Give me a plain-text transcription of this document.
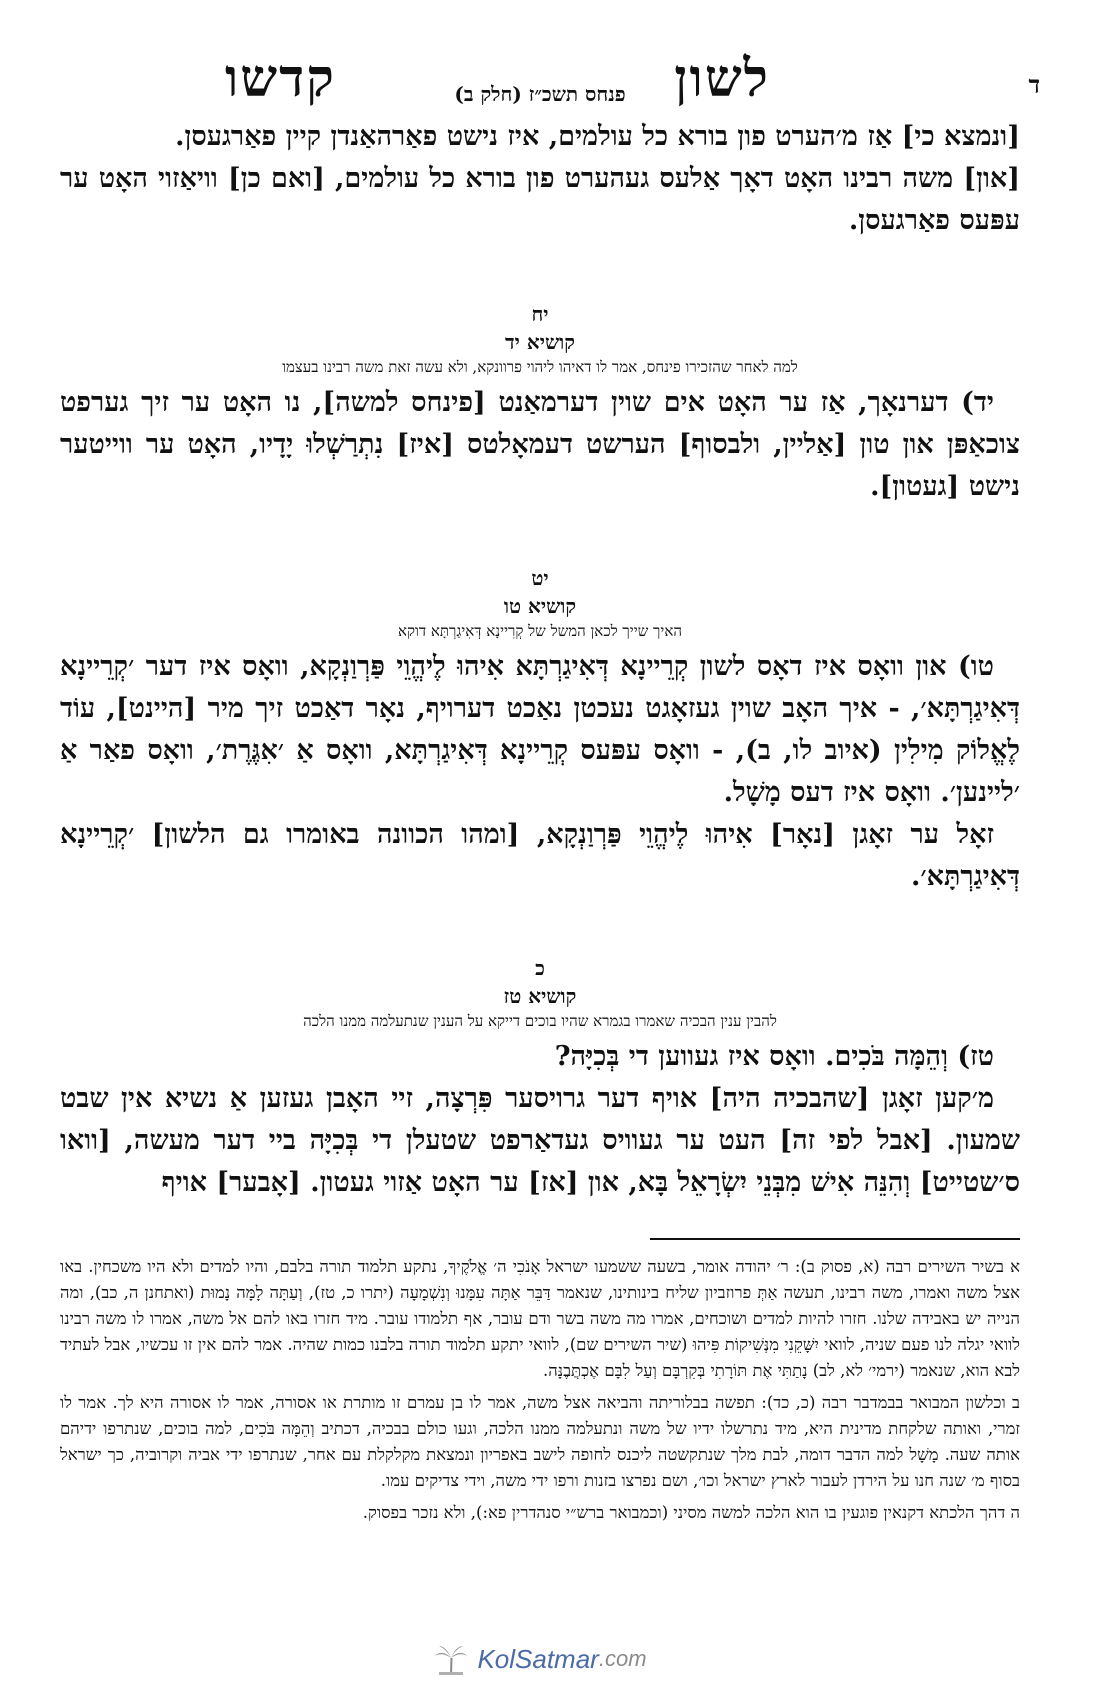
ד
לשון
פנחס תשכ״ז (חלק ב)
קדשו

[ונמצא כי] אַז מ׳הערט פון בורא כל עולמים, איז נישט פאַרהאַנדן קיין פאַרגעסן.

[און] משה רבינו האָט דאָך אַלעס געהערט פון בורא כל עולמים, [ואם כן] וויאַזוי האָט ער עפּעס פאַרגעסן.

יח
קושיא יד
למה לאחר שהזכירו פינחס, אמר לו דאיהו ליהוי פרוונקא, ולא עשה זאת משה רבינו בעצמו

יד) דערנאָך, אַז ער האָט אים שוין דערמאַנט [פינחס למשה], נו האָט ער זיך גערפט צוכאַפּן און טון [אַליין, ולבסוף] הערשט דעמאָלטס [איז] נִתְרַשְׁלוּ יָדָיו, האָט ער ווייטער נישט [געטון].

יט
קושיא טו
האיך שייך לכאן המשל של קְרִיינָא דְּאִיגַרְתָּא דוקא

טו) און וואָס איז דאָס לשון קְרֵיינָא דְּאִיגַרְתָּא אִיהוּ לֶיהֱוֵי פַּרְוַנְקָא, וואָס איז דער ׳קְרֵיינָא דְּאִיגַרְתָּא׳, - איך האָב שוין געזאָגט נעכטן נאַכט דערויף, נאָר דאַכט זיך מיר [היינט], עוֹד לֶאֱלוֹק מִילִין (איוב לו, ב), - וואָס עפּעס קְרֵיינָא דְּאִיגַרְתָּא, וואָס אַ ׳אִגֶּרֶת׳, וואָס פאַר אַ ׳ליינען׳. וואָס איז דעס מָשָׁל.

זאָל ער זאָגן [נאָר] אִיהוּ לֶיהֱוֵי פַּרְוַנְקָא, [ומהו הכוונה באומרו גם הלשון] ׳קְרֵיינָא דְּאִיגַרְתָּא׳.

כ
קושיא טז
להבין ענין הבכיה שאמרו בגמרא שהיו בוכים דייקא על הענין שנתעלמה ממנו הלכה

טז) וְהֵמָּה בֹּכִים. וואָס איז געווען די בְּכִיָּה?

מ׳קען זאָגן [שהבכיה היה] אויף דער גרויסער פִּרְצָה, זיי האָבן געזען אַ נשיא אין שבט שמעון. [אבל לפי זה] העט ער געוויס געדאַרפט שטעלן די בְּכִיָּה ביי דער מעשה, [וואו ס׳שטייט] וְהִנֵּה אִישׁ מִבְּנֵי יִשְׂרָאֵל בָּא, און [אז] ער האָט אַזוי געטון. [אָבער] אויף

א בשיר השירים רבה (א, פסוק ב): ר׳ יהודה אומר, בשעה ששמעו ישראל אָנֹכִי ה׳ אֱלֹקֶיךָ, נתקע תלמוד תורה בלבם, והיו למדים ולא היו משכחין. באו אצל משה ואמרו, משה רבינו, תעשה אַתְּ פרוזביון שליח בינותינו, שנאמר דַּבֵּר אַתָּה עִמָּנוּ וְנִשְׁמָעָה (יתרו כ, טז), וְעַתָּה לָמָּה נָמוּת (ואתחנן ה, כב), ומה הנייה יש באבידה שלנו. חזרו להיות למדים ושוכחים, אמרו מה משה בשר ודם עובר, אף תלמודו עובר. מיד חזרו באו להם אל משה, אמרו לו משה רבינו לוואי יגלה לנו פעם שניה, לוואי יִשָּׁקֵנִי מִנְּשִׁיקוֹת פִּיהוּ (שיר השירים שם), לוואי יתקע תלמוד תורה בלבנו כמות שהיה. אמר להם אין זו עכשיו, אבל לעתיד לבא הוא, שנאמר (ירמי׳ לא, לב) נָתַתִּי אֶת תּוֹרָתִי בְּקִרְבָּם וְעַל לִבָּם אֶכְתֲּבֶנָּה.

ב וכלשון המבואר בבמדבר רבה (כ, כד): תפשה בבלוריתה והביאה אצל משה, אמר לו בן עמרם זו מותרת או אסורה, אמר לו אסורה היא לך. אמר לו זמרי, ואותה שלקחת מדינית היא, מיד נתרשלו ידיו של משה ונתעלמה ממנו הלכה, וגעו כולם בבכיה, דכתיב וְהֵמָּה בֹּכִים, למה בוכים, שנתרפו ידיהם אותה שעה. מָשָׁל למה הדבר דומה, לבת מלך שנתקשטה ליכנס לחופה לישב באפריון ונמצאת מקלקלת עם אחר, שנתרפו ידי אביה וקרוביה, כך ישראל בסוף מ׳ שנה חנו על הירדן לעבור לארץ ישראל וכו׳, ושם נפרצו בזנות ורפו ידי משה, וידי צדיקים עמו.

ה דהך הלכתא דקנאין פוגעין בו הוא הלכה למשה מסיני (וכמבואר ברש״י סנהדרין פא:), ולא נזכר בפסוק.

KolSatmar .com
